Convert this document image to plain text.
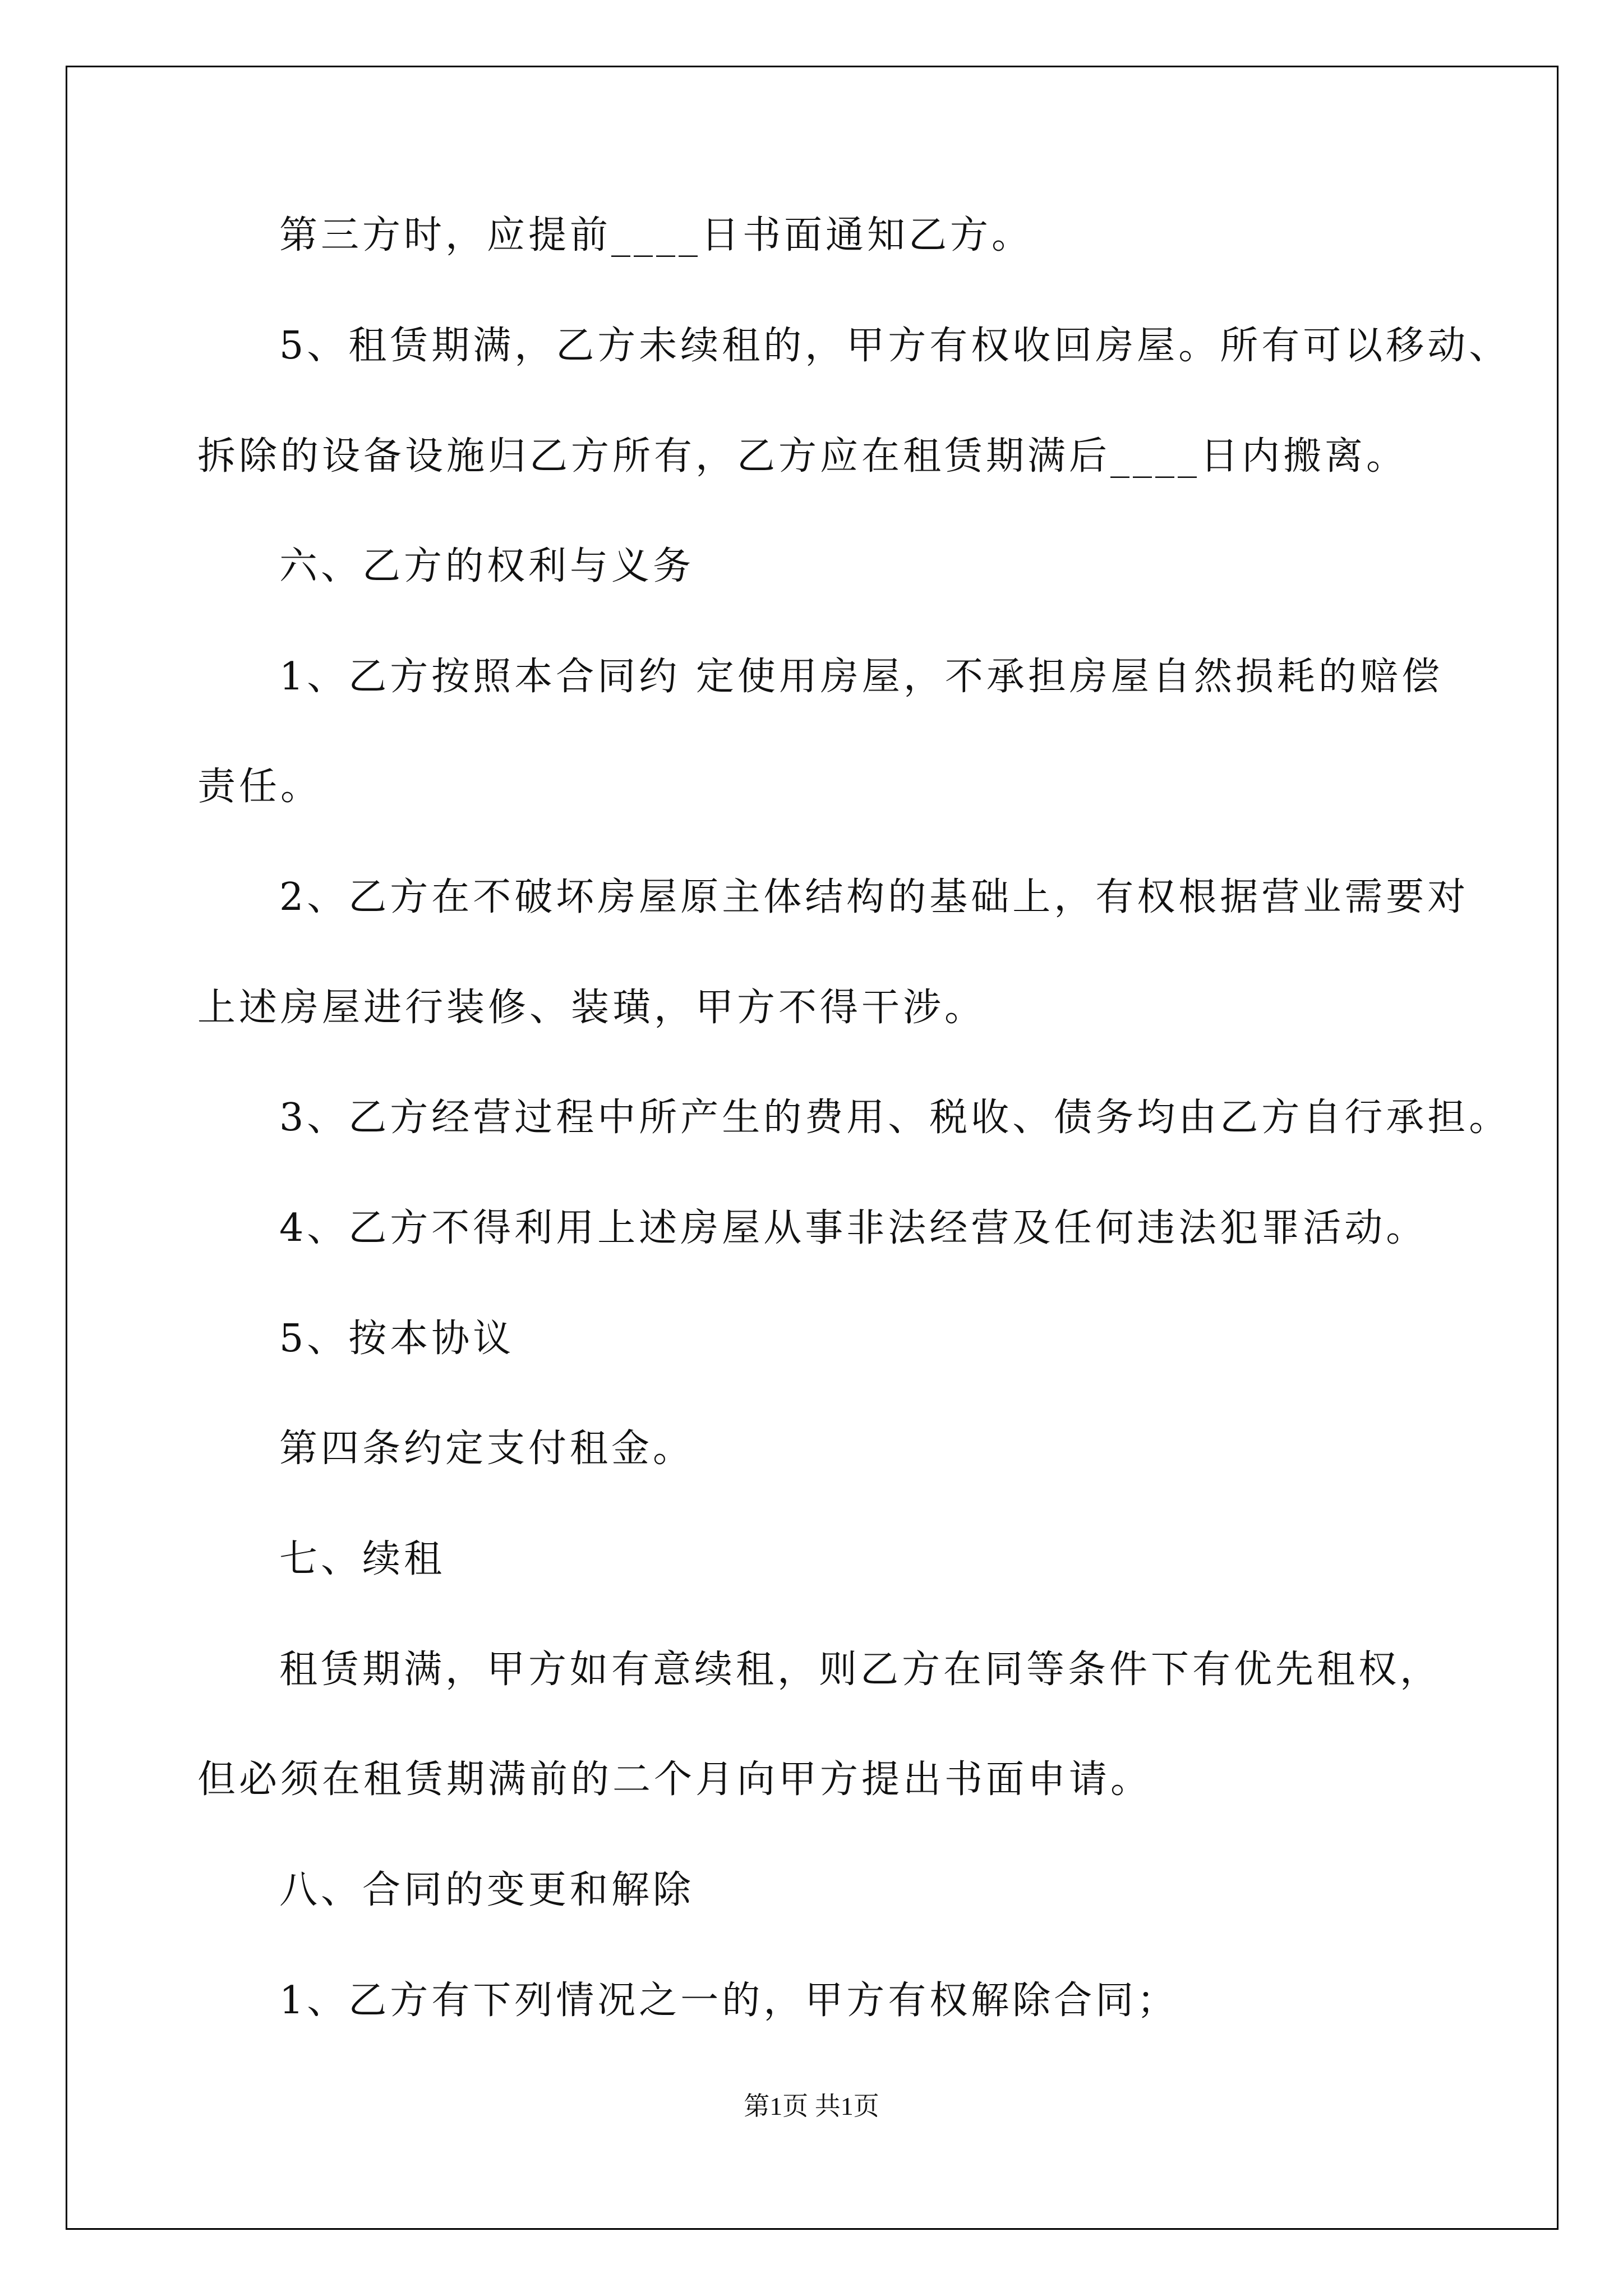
第三方时，应提前____日书面通知乙方。
5、租赁期满，乙方未续租的，甲方有权收回房屋。所有可以移动、
拆除的设备设施归乙方所有，乙方应在租赁期满后____日内搬离。
六、乙方的权利与义务
1、乙方按照本合同约 定使用房屋，不承担房屋自然损耗的赔偿
责任。
2、乙方在不破坏房屋原主体结构的基础上，有权根据营业需要对
上述房屋进行装修、装璜，甲方不得干涉。
3、乙方经营过程中所产生的费用、税收、债务均由乙方自行承担。
4、乙方不得利用上述房屋从事非法经营及任何违法犯罪活动。
5、按本协议
第四条约定支付租金。
七、续租
租赁期满，甲方如有意续租，则乙方在同等条件下有优先租权，
但必须在租赁期满前的二个月向甲方提出书面申请。
八、合同的变更和解除
1、乙方有下列情况之一的，甲方有权解除合同；
第1页 共1页
